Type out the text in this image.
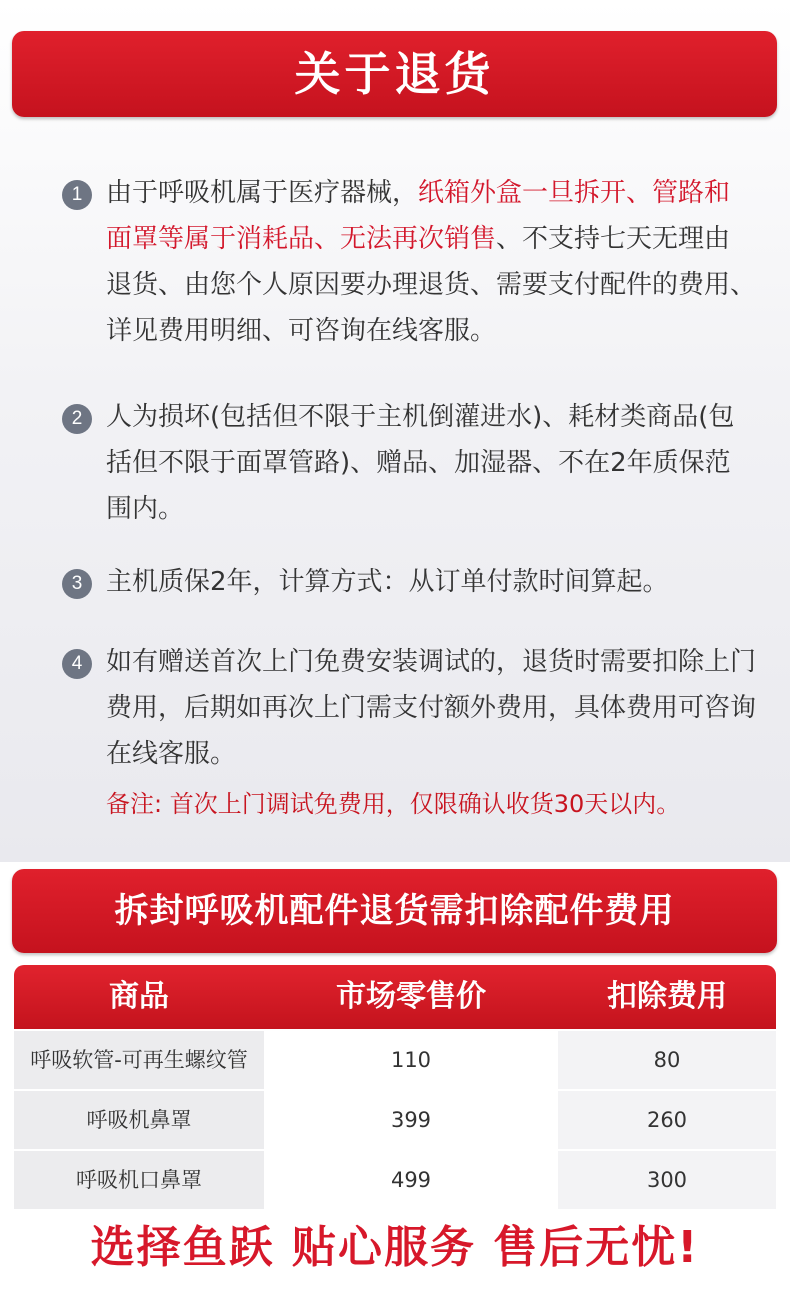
关于退货
1 由于呼吸机属于医疗器械，纸箱外盒一旦拆开、管路和面罩等属于消耗品、无法再次销售、不支持七天无理由退货、由您个人原因要办理退货、需要支付配件的费用、详见费用明细、可咨询在线客服。
2 人为损坏(包括但不限于主机倒灌进水)、耗材类商品(包括但不限于面罩管路)、赠品、加湿器、不在2年质保范围内。
3 主机质保2年，计算方式：从订单付款时间算起。
4 如有赠送首次上门免费安装调试的，退货时需要扣除上门费用，后期如再次上门需支付额外费用，具体费用可咨询在线客服。
备注: 首次上门调试免费用，仅限确认收货30天以内。
拆封呼吸机配件退货需扣除配件费用
商品	市场零售价	扣除费用
呼吸软管-可再生螺纹管	110	80
呼吸机鼻罩	399	260
呼吸机口鼻罩	499	300
选择鱼跃 贴心服务 售后无忧!
